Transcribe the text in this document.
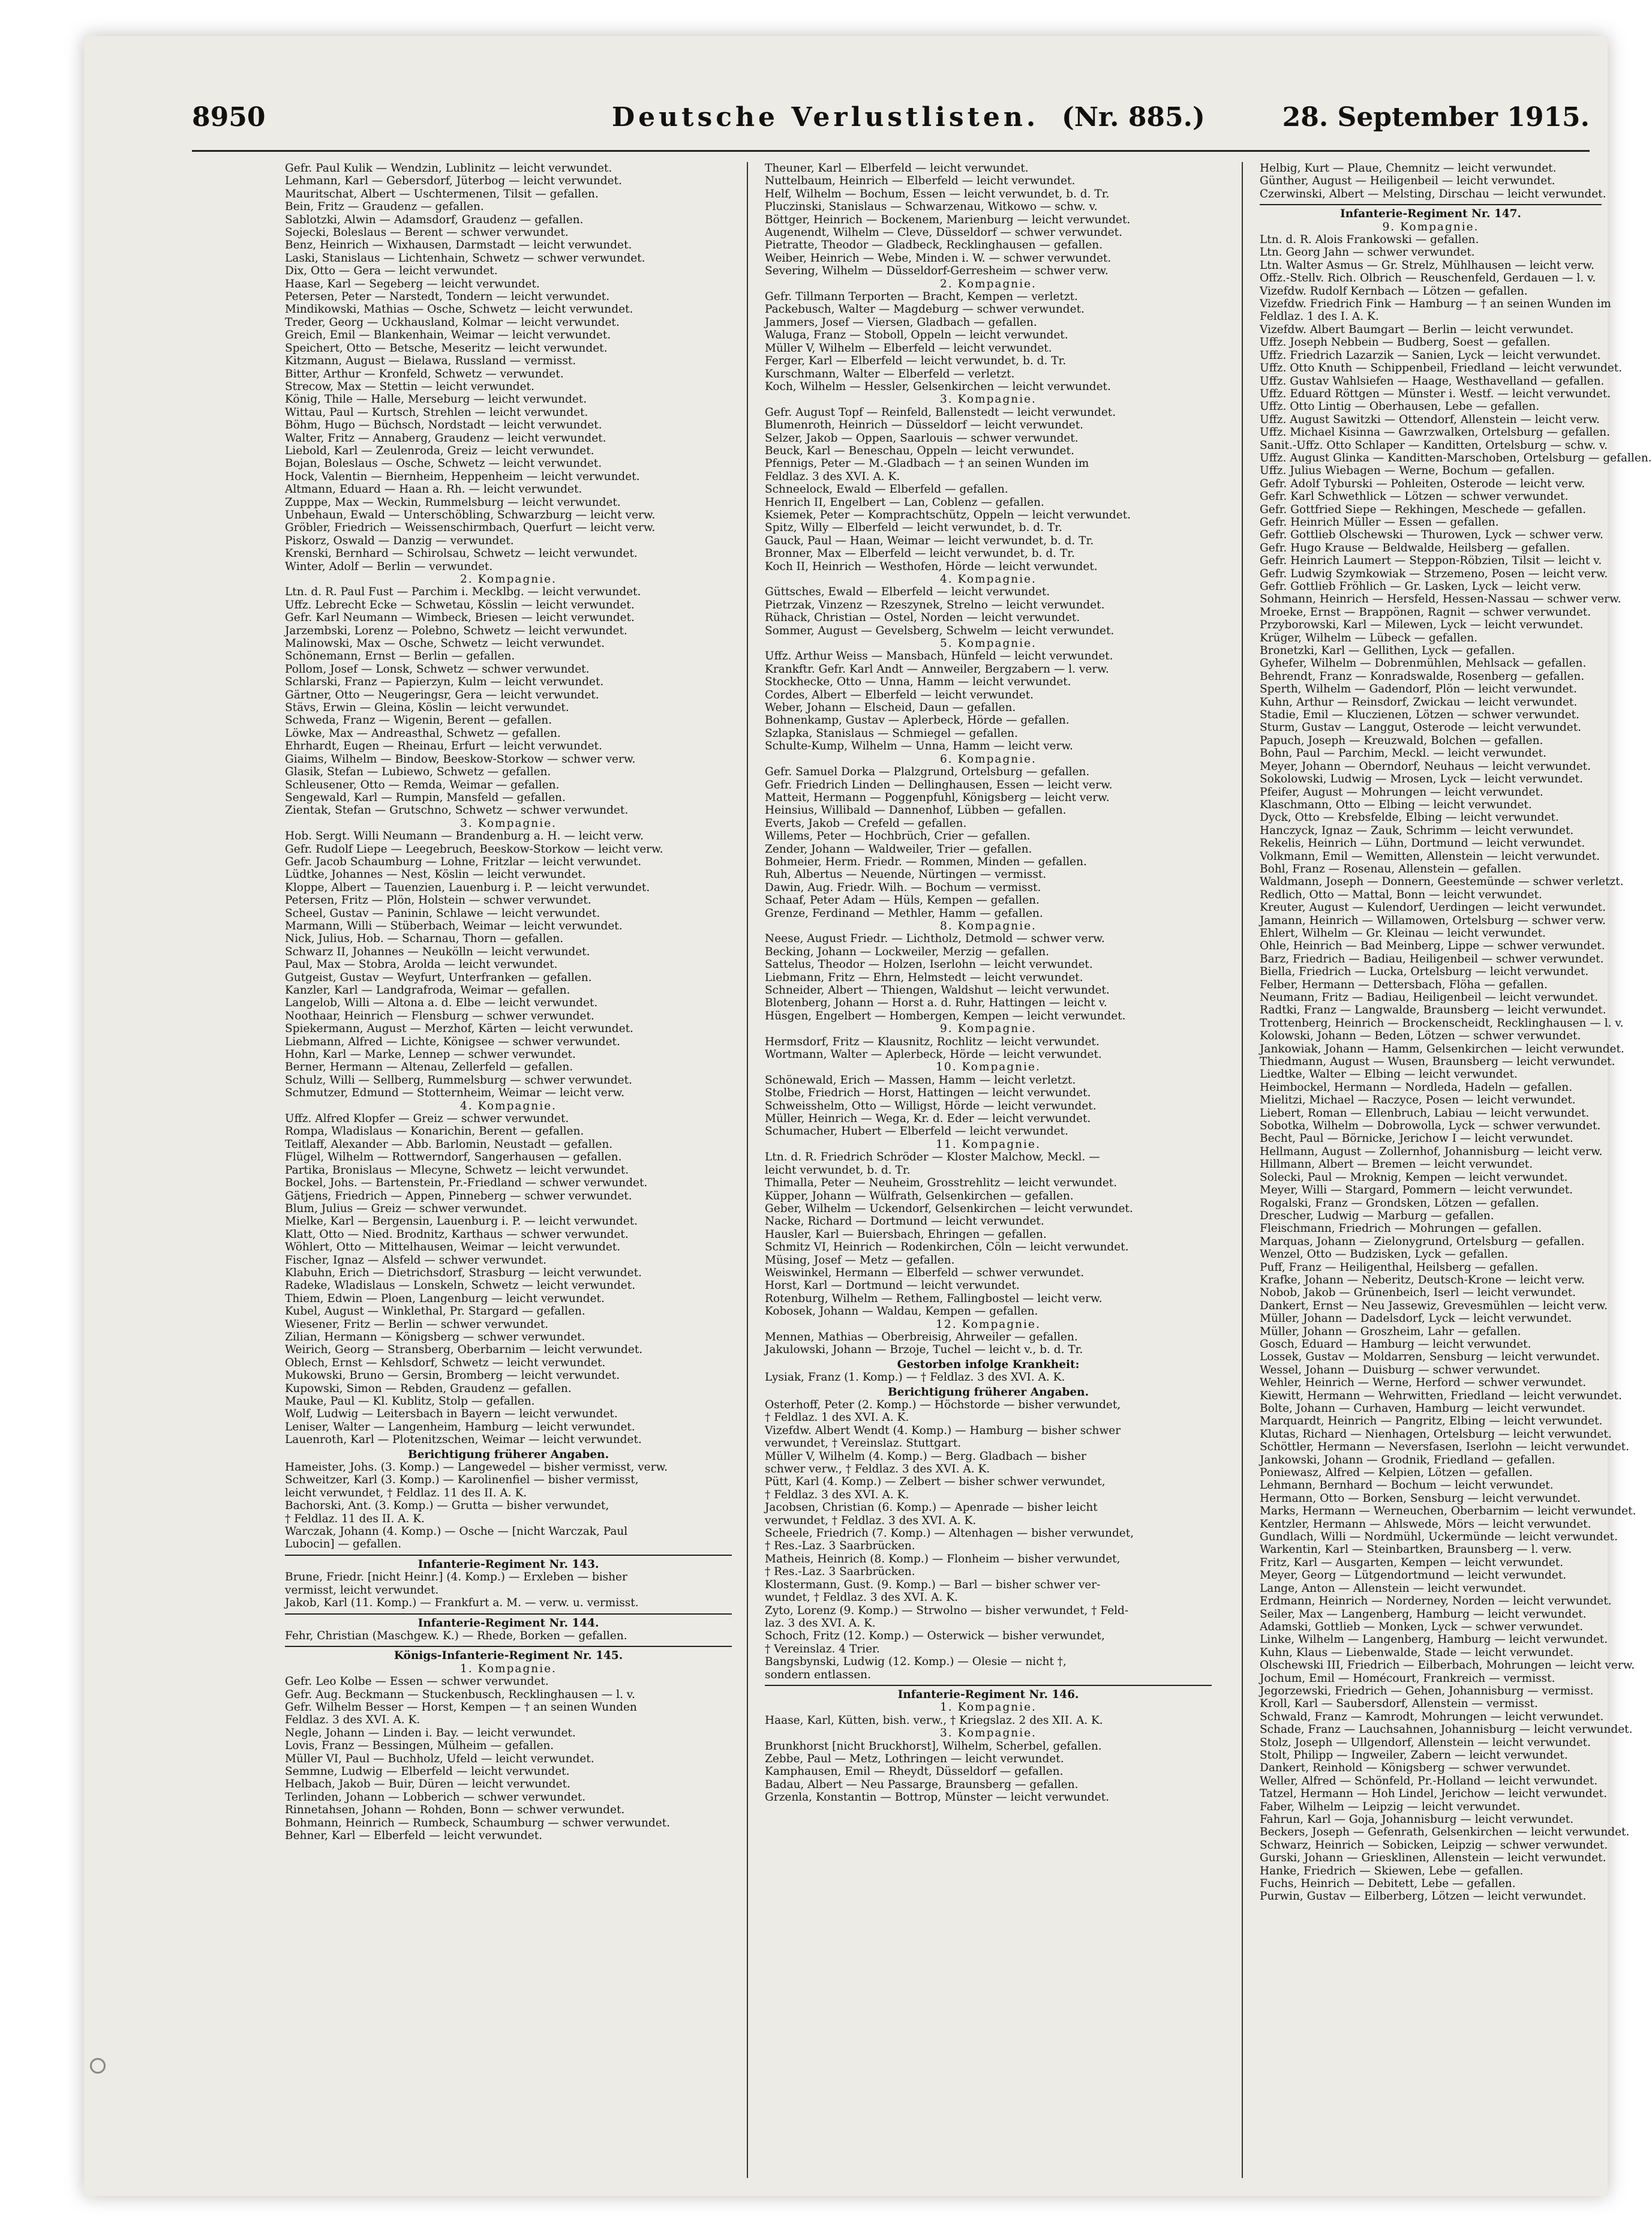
8950	Deutsche Verlustlisten. (Nr. 885.)	28. September 1915.
Gefr. Paul Kulik — Wendzin, Lublinitz — leicht verwundet.
Lehmann, Karl — Gebersdorf, Jüterbog — leicht verwundet.
Mauritschat, Albert — Uschtermenen, Tilsit — gefallen.
Bein, Fritz — Graudenz — gefallen.
Sablotzki, Alwin — Adamsdorf, Graudenz — gefallen.
Sojecki, Boleslaus — Berent — schwer verwundet.
Benz, Heinrich — Wixhausen, Darmstadt — leicht verwundet.
Laski, Stanislaus — Lichtenhain, Schwetz — schwer verwundet.
Dix, Otto — Gera — leicht verwundet.
Haase, Karl — Segeberg — leicht verwundet.
Petersen, Peter — Narstedt, Tondern — leicht verwundet.
Mindikowski, Mathias — Osche, Schwetz — leicht verwundet.
Treder, Georg — Uckhausland, Kolmar — leicht verwundet.
Greich, Emil — Blankenhain, Weimar — leicht verwundet.
Speichert, Otto — Betsche, Meseritz — leicht verwundet.
Kitzmann, August — Bielawa, Russland — vermisst.
Bitter, Arthur — Kronfeld, Schwetz — verwundet.
Strecow, Max — Stettin — leicht verwundet.
König, Thile — Halle, Merseburg — leicht verwundet.
Wittau, Paul — Kurtsch, Strehlen — leicht verwundet.
Böhm, Hugo — Büchsch, Nordstadt — leicht verwundet.
Walter, Fritz — Annaberg, Graudenz — leicht verwundet.
Liebold, Karl — Zeulenroda, Greiz — leicht verwundet.
Bojan, Boleslaus — Osche, Schwetz — leicht verwundet.
Hock, Valentin — Biernheim, Heppenheim — leicht verwundet.
Altmann, Eduard — Haan a. Rh. — leicht verwundet.
Zupppe, Max — Weckin, Rummelsburg — leicht verwundet.
Unbehaun, Ewald — Unterschöbling, Schwarzburg — leicht verw.
Gröbler, Friedrich — Weissenschirmbach, Querfurt — leicht verw.
Piskorz, Oswald — Danzig — verwundet.
Krenski, Bernhard — Schirolsau, Schwetz — leicht verwundet.
Winter, Adolf — Berlin — verwundet.
2. Kompagnie.
Ltn. d. R. Paul Fust — Parchim i. Mecklbg. — leicht verwundet.
Uffz. Lebrecht Ecke — Schwetau, Kösslin — leicht verwundet.
Gefr. Karl Neumann — Wimbeck, Briesen — leicht verwundet.
Jarzembski, Lorenz — Polebno, Schwetz — leicht verwundet.
Malinowski, Max — Osche, Schwetz — leicht verwundet.
Schönemann, Ernst — Berlin — gefallen.
Pollom, Josef — Lonsk, Schwetz — schwer verwundet.
Schlarski, Franz — Papierzyn, Kulm — leicht verwundet.
Gärtner, Otto — Neugeringsr, Gera — leicht verwundet.
Stävs, Erwin — Gleina, Köslin — leicht verwundet.
Schweda, Franz — Wigenin, Berent — gefallen.
Löwke, Max — Andreasthal, Schwetz — gefallen.
Ehrhardt, Eugen — Rheinau, Erfurt — leicht verwundet.
Giaims, Wilhelm — Bindow, Beeskow-Storkow — schwer verw.
Glasik, Stefan — Lubiewo, Schwetz — gefallen.
Schleusener, Otto — Remda, Weimar — gefallen.
Sengewald, Karl — Rumpin, Mansfeld — gefallen.
Zientak, Stefan — Grutschno, Schwetz — schwer verwundet.
3. Kompagnie.
Hob. Sergt. Willi Neumann — Brandenburg a. H. — leicht verw.
Gefr. Rudolf Liepe — Leegebruch, Beeskow-Storkow — leicht verw.
Gefr. Jacob Schaumburg — Lohne, Fritzlar — leicht verwundet.
Lüdtke, Johannes — Nest, Köslin — leicht verwundet.
Kloppe, Albert — Tauenzien, Lauenburg i. P. — leicht verwundet.
Petersen, Fritz — Plön, Holstein — schwer verwundet.
Scheel, Gustav — Paninin, Schlawe — leicht verwundet.
Marmann, Willi — Stüberbach, Weimar — leicht verwundet.
Nick, Julius, Hob. — Scharnau, Thorn — gefallen.
Schwarz II, Johannes — Neukölln — leicht verwundet.
Paul, Max — Stobra, Arolda — leicht verwundet.
Gutgeist, Gustav — Weyfurt, Unterfranken — gefallen.
Kanzler, Karl — Landgrafroda, Weimar — gefallen.
Langelob, Willi — Altona a. d. Elbe — leicht verwundet.
Noothaar, Heinrich — Flensburg — schwer verwundet.
Spiekermann, August — Merzhof, Kärten — leicht verwundet.
Liebmann, Alfred — Lichte, Königsee — schwer verwundet.
Hohn, Karl — Marke, Lennep — schwer verwundet.
Berner, Hermann — Altenau, Zellerfeld — gefallen.
Schulz, Willi — Sellberg, Rummelsburg — schwer verwundet.
Schmutzer, Edmund — Stotternheim, Weimar — leicht verw.
4. Kompagnie.
Uffz. Alfred Klopfer — Greiz — schwer verwundet.
Rompa, Wladislaus — Konarichin, Berent — gefallen.
Teitlaff, Alexander — Abb. Barlomin, Neustadt — gefallen.
Flügel, Wilhelm — Rottwerndorf, Sangerhausen — gefallen.
Partika, Bronislaus — Mlecyne, Schwetz — leicht verwundet.
Bockel, Johs. — Bartenstein, Pr.-Friedland — schwer verwundet.
Gätjens, Friedrich — Appen, Pinneberg — schwer verwundet.
Blum, Julius — Greiz — schwer verwundet.
Mielke, Karl — Bergensin, Lauenburg i. P. — leicht verwundet.
Klatt, Otto — Nied. Brodnitz, Karthaus — schwer verwundet.
Wöhlert, Otto — Mittelhausen, Weimar — leicht verwundet.
Fischer, Ignaz — Alsfeld — schwer verwundet.
Klabuhn, Erich — Dietrichsdorf, Strasburg — leicht verwundet.
Radeke, Wladislaus — Lonskeln, Schwetz — leicht verwundet.
Thiem, Edwin — Ploen, Langenburg — leicht verwundet.
Kubel, August — Winklethal, Pr. Stargard — gefallen.
Wiesener, Fritz — Berlin — schwer verwundet.
Zilian, Hermann — Königsberg — schwer verwundet.
Weirich, Georg — Stransberg, Oberbarnim — leicht verwundet.
Oblech, Ernst — Kehlsdorf, Schwetz — leicht verwundet.
Mukowski, Bruno — Gersin, Bromberg — leicht verwundet.
Kupowski, Simon — Rebden, Graudenz — gefallen.
Mauke, Paul — Kl. Kublitz, Stolp — gefallen.
Wolf, Ludwig — Leitersbach in Bayern — leicht verwundet.
Leniser, Walter — Langenheim, Hamburg — leicht verwundet.
Lauenroth, Karl — Plotenitzschen, Weimar — leicht verwundet.
Berichtigung früherer Angaben.
Hameister, Johs. (3. Komp.) — Langewedel — bisher vermisst, verw.
Schweitzer, Karl (3. Komp.) — Karolinenfiel — bisher vermisst,
leicht verwundet, † Feldlaz. 11 des II. A. K.
Bachorski, Ant. (3. Komp.) — Grutta — bisher verwundet,
† Feldlaz. 11 des II. A. K.
Warczak, Johann (4. Komp.) — Osche — [nicht Warczak, Paul
Lubocin] — gefallen.
Infanterie-Regiment Nr. 143.
Brune, Friedr. [nicht Heinr.] (4. Komp.) — Erxleben — bisher
vermisst, leicht verwundet.
Jakob, Karl (11. Komp.) — Frankfurt a. M. — verw. u. vermisst.
Infanterie-Regiment Nr. 144.
Fehr, Christian (Maschgew. K.) — Rhede, Borken — gefallen.
Königs-Infanterie-Regiment Nr. 145.
1. Kompagnie.
Gefr. Leo Kolbe — Essen — schwer verwundet.
Gefr. Aug. Beckmann — Stuckenbusch, Recklinghausen — l. v.
Gefr. Wilhelm Besser — Horst, Kempen — † an seinen Wunden
Feldlaz. 3 des XVI. A. K.
Negle, Johann — Linden i. Bay. — leicht verwundet.
Lovis, Franz — Bessingen, Mülheim — gefallen.
Müller VI, Paul — Buchholz, Ufeld — leicht verwundet.
Semmne, Ludwig — Elberfeld — leicht verwundet.
Helbach, Jakob — Buir, Düren — leicht verwundet.
Terlinden, Johann — Lobberich — schwer verwundet.
Rinnetahsen, Johann — Rohden, Bonn — schwer verwundet.
Bohmann, Heinrich — Rumbeck, Schaumburg — schwer verwundet.
Behner, Karl — Elberfeld — leicht verwundet.
Theuner, Karl — Elberfeld — leicht verwundet.
Nuttelbaum, Heinrich — Elberfeld — leicht verwundet.
Helf, Wilhelm — Bochum, Essen — leicht verwundet, b. d. Tr.
Pluczinski, Stanislaus — Schwarzenau, Witkowo — schw. v.
Böttger, Heinrich — Bockenem, Marienburg — leicht verwundet.
Augenendt, Wilhelm — Cleve, Düsseldorf — schwer verwundet.
Pietratte, Theodor — Gladbeck, Recklinghausen — gefallen.
Weiber, Heinrich — Webe, Minden i. W. — schwer verwundet.
Severing, Wilhelm — Düsseldorf-Gerresheim — schwer verw.
2. Kompagnie.
Gefr. Tillmann Terporten — Bracht, Kempen — verletzt.
Packebusch, Walter — Magdeburg — schwer verwundet.
Jammers, Josef — Viersen, Gladbach — gefallen.
Waluga, Franz — Stoboll, Oppeln — leicht verwundet.
Müller V, Wilhelm — Elberfeld — leicht verwundet.
Ferger, Karl — Elberfeld — leicht verwundet, b. d. Tr.
Kurschmann, Walter — Elberfeld — verletzt.
Koch, Wilhelm — Hessler, Gelsenkirchen — leicht verwundet.
3. Kompagnie.
Gefr. August Topf — Reinfeld, Ballenstedt — leicht verwundet.
Blumenroth, Heinrich — Düsseldorf — leicht verwundet.
Selzer, Jakob — Oppen, Saarlouis — schwer verwundet.
Beuck, Karl — Beneschau, Oppeln — leicht verwundet.
Pfennigs, Peter — M.-Gladbach — † an seinen Wunden im
Feldlaz. 3 des XVI. A. K.
Schneelock, Ewald — Elberfeld — gefallen.
Henrich II, Engelbert — Lan, Coblenz — gefallen.
Ksiemek, Peter — Komprachtschütz, Oppeln — leicht verwundet.
Spitz, Willy — Elberfeld — leicht verwundet, b. d. Tr.
Gauck, Paul — Haan, Weimar — leicht verwundet, b. d. Tr.
Bronner, Max — Elberfeld — leicht verwundet, b. d. Tr.
Koch II, Heinrich — Westhofen, Hörde — leicht verwundet.
4. Kompagnie.
Güttsches, Ewald — Elberfeld — leicht verwundet.
Pietrzak, Vinzenz — Rzeszynek, Strelno — leicht verwundet.
Rühack, Christian — Ostel, Norden — leicht verwundet.
Sommer, August — Gevelsberg, Schwelm — leicht verwundet.
5. Kompagnie.
Uffz. Arthur Weiss — Mansbach, Hünfeld — leicht verwundet.
Krankftr. Gefr. Karl Andt — Annweiler, Bergzabern — l. verw.
Stockhecke, Otto — Unna, Hamm — leicht verwundet.
Cordes, Albert — Elberfeld — leicht verwundet.
Weber, Johann — Elscheid, Daun — gefallen.
Bohnenkamp, Gustav — Aplerbeck, Hörde — gefallen.
Szlapka, Stanislaus — Schmiegel — gefallen.
Schulte-Kump, Wilhelm — Unna, Hamm — leicht verw.
6. Kompagnie.
Gefr. Samuel Dorka — Plalzgrund, Ortelsburg — gefallen.
Gefr. Friedrich Linden — Dellinghausen, Essen — leicht verw.
Matteit, Hermann — Poggenpfuhl, Königsberg — leicht verw.
Heinsius, Willibald — Dannenhof, Lübben — gefallen.
Everts, Jakob — Crefeld — gefallen.
Willems, Peter — Hochbrüch, Crier — gefallen.
Zender, Johann — Waldweiler, Trier — gefallen.
Bohmeier, Herm. Friedr. — Rommen, Minden — gefallen.
Ruh, Albertus — Neuende, Nürtingen — vermisst.
Dawin, Aug. Friedr. Wilh. — Bochum — vermisst.
Schaaf, Peter Adam — Hüls, Kempen — gefallen.
Grenze, Ferdinand — Methler, Hamm — gefallen.
8. Kompagnie.
Neese, August Friedr. — Lichtholz, Detmold — schwer verw.
Becking, Johann — Lockweiler, Merzig — gefallen.
Sattelus, Theodor — Holzen, Iserlohn — leicht verwundet.
Liebmann, Fritz — Ehrn, Helmstedt — leicht verwundet.
Schneider, Albert — Thiengen, Waldshut — leicht verwundet.
Blotenberg, Johann — Horst a. d. Ruhr, Hattingen — leicht v.
Hüsgen, Engelbert — Hombergen, Kempen — leicht verwundet.
9. Kompagnie.
Hermsdorf, Fritz — Klausnitz, Rochlitz — leicht verwundet.
Wortmann, Walter — Aplerbeck, Hörde — leicht verwundet.
10. Kompagnie.
Schönewald, Erich — Massen, Hamm — leicht verletzt.
Stolbe, Friedrich — Horst, Hattingen — leicht verwundet.
Schweisshelm, Otto — Willigst, Hörde — leicht verwundet.
Müller, Heinrich — Wega, Kr. d. Eder — leicht verwundet.
Schumacher, Hubert — Elberfeld — leicht verwundet.
11. Kompagnie.
Ltn. d. R. Friedrich Schröder — Kloster Malchow, Meckl. —
leicht verwundet, b. d. Tr.
Thimalla, Peter — Neuheim, Grosstrehlitz — leicht verwundet.
Küpper, Johann — Wülfrath, Gelsenkirchen — gefallen.
Geber, Wilhelm — Uckendorf, Gelsenkirchen — leicht verwundet.
Nacke, Richard — Dortmund — leicht verwundet.
Hausler, Karl — Buiersbach, Ehringen — gefallen.
Schmitz VI, Heinrich — Rodenkirchen, Cöln — leicht verwundet.
Müsing, Josef — Metz — gefallen.
Weiswinkel, Hermann — Elberfeld — schwer verwundet.
Horst, Karl — Dortmund — leicht verwundet.
Rotenburg, Wilhelm — Rethem, Fallingbostel — leicht verw.
Kobosek, Johann — Waldau, Kempen — gefallen.
12. Kompagnie.
Mennen, Mathias — Oberbreisig, Ahrweiler — gefallen.
Jakulowski, Johann — Brzoje, Tuchel — leicht v., b. d. Tr.
Gestorben infolge Krankheit:
Lysiak, Franz (1. Komp.) — † Feldlaz. 3 des XVI. A. K.
Berichtigung früherer Angaben.
Osterhoff, Peter (2. Komp.) — Höchstorde — bisher verwundet,
† Feldlaz. 1 des XVI. A. K.
Vizefdw. Albert Wendt (4. Komp.) — Hamburg — bisher schwer
verwundet, † Vereinslaz. Stuttgart.
Müller V, Wilhelm (4. Komp.) — Berg. Gladbach — bisher
schwer verw., † Feldlaz. 3 des XVI. A. K.
Pütt, Karl (4. Komp.) — Zelbert — bisher schwer verwundet,
† Feldlaz. 3 des XVI. A. K.
Jacobsen, Christian (6. Komp.) — Apenrade — bisher leicht
verwundet, † Feldlaz. 3 des XVI. A. K.
Scheele, Friedrich (7. Komp.) — Altenhagen — bisher verwundet,
† Res.-Laz. 3 Saarbrücken.
Matheis, Heinrich (8. Komp.) — Flonheim — bisher verwundet,
† Res.-Laz. 3 Saarbrücken.
Klostermann, Gust. (9. Komp.) — Barl — bisher schwer ver-
wundet, † Feldlaz. 3 des XVI. A. K.
Zyto, Lorenz (9. Komp.) — Strwolno — bisher verwundet, † Feld-
laz. 3 des XVI. A. K.
Schoch, Fritz (12. Komp.) — Osterwick — bisher verwundet,
† Vereinslaz. 4 Trier.
Bangsbynski, Ludwig (12. Komp.) — Olesie — nicht †,
sondern entlassen.
Infanterie-Regiment Nr. 146.
1. Kompagnie.
Haase, Karl, Kütten, bish. verw., † Kriegslaz. 2 des XII. A. K.
3. Kompagnie.
Brunkhorst [nicht Bruckhorst], Wilhelm, Scherbel, gefallen.
Zebbe, Paul — Metz, Lothringen — leicht verwundet.
Kamphausen, Emil — Rheydt, Düsseldorf — gefallen.
Badau, Albert — Neu Passarge, Braunsberg — gefallen.
Grzenla, Konstantin — Bottrop, Münster — leicht verwundet.
Helbig, Kurt — Plaue, Chemnitz — leicht verwundet.
Günther, August — Heiligenbeil — leicht verwundet.
Czerwinski, Albert — Melsting, Dirschau — leicht verwundet.
Infanterie-Regiment Nr. 147.
9. Kompagnie.
Ltn. d. R. Alois Frankowski — gefallen.
Ltn. Georg Jahn — schwer verwundet.
Ltn. Walter Asmus — Gr. Strelz, Mühlhausen — leicht verw.
Offz.-Stellv. Rich. Olbrich — Reuschenfeld, Gerdauen — l. v.
Vizefdw. Rudolf Kernbach — Lötzen — gefallen.
Vizefdw. Friedrich Fink — Hamburg — † an seinen Wunden im
Feldlaz. 1 des I. A. K.
Vizefdw. Albert Baumgart — Berlin — leicht verwundet.
Uffz. Joseph Nebbein — Budberg, Soest — gefallen.
Uffz. Friedrich Lazarzik — Sanien, Lyck — leicht verwundet.
Uffz. Otto Knuth — Schippenbeil, Friedland — leicht verwundet.
Uffz. Gustav Wahlsiefen — Haage, Westhavelland — gefallen.
Uffz. Eduard Röttgen — Münster i. Westf. — leicht verwundet.
Uffz. Otto Lintig — Oberhausen, Lebe — gefallen.
Uffz. August Sawitzki — Ottendorf, Allenstein — leicht verw.
Uffz. Michael Kisinna — Gawrzwalken, Ortelsburg — gefallen.
Sanit.-Uffz. Otto Schlaper — Kanditten, Ortelsburg — schw. v.
Uffz. August Glinka — Kanditten-Marschoben, Ortelsburg — gefallen.
Uffz. Julius Wiebagen — Werne, Bochum — gefallen.
Gefr. Adolf Tyburski — Pohleiten, Osterode — leicht verw.
Gefr. Karl Schwethlick — Lötzen — schwer verwundet.
Gefr. Gottfried Siepe — Rekhingen, Meschede — gefallen.
Gefr. Heinrich Müller — Essen — gefallen.
Gefr. Gottlieb Olschewski — Thurowen, Lyck — schwer verw.
Gefr. Hugo Krause — Beldwalde, Heilsberg — gefallen.
Gefr. Heinrich Laumert — Steppon-Röbzien, Tilsit — leicht v.
Gefr. Ludwig Szymkowiak — Strzemeno, Posen — leicht verw.
Gefr. Gottlieb Fröhlich — Gr. Lasken, Lyck — leicht verw.
Sohmann, Heinrich — Hersfeld, Hessen-Nassau — schwer verw.
Mroeke, Ernst — Brappönen, Ragnit — schwer verwundet.
Przyborowski, Karl — Milewen, Lyck — leicht verwundet.
Krüger, Wilhelm — Lübeck — gefallen.
Bronetzki, Karl — Gellithen, Lyck — gefallen.
Gyhefer, Wilhelm — Dobrenmühlen, Mehlsack — gefallen.
Behrendt, Franz — Konradswalde, Rosenberg — gefallen.
Sperth, Wilhelm — Gadendorf, Plön — leicht verwundet.
Kuhn, Arthur — Reinsdorf, Zwickau — leicht verwundet.
Stadie, Emil — Kluczienen, Lötzen — schwer verwundet.
Sturm, Gustav — Langgut, Osterode — leicht verwundet.
Papuch, Joseph — Kreuzwald, Bolchen — gefallen.
Bohn, Paul — Parchim, Meckl. — leicht verwundet.
Meyer, Johann — Oberndorf, Neuhaus — leicht verwundet.
Sokolowski, Ludwig — Mrosen, Lyck — leicht verwundet.
Pfeifer, August — Mohrungen — leicht verwundet.
Klaschmann, Otto — Elbing — leicht verwundet.
Dyck, Otto — Krebsfelde, Elbing — leicht verwundet.
Hanczyck, Ignaz — Zauk, Schrimm — leicht verwundet.
Rekelis, Heinrich — Lühn, Dortmund — leicht verwundet.
Volkmann, Emil — Wemitten, Allenstein — leicht verwundet.
Bohl, Franz — Rosenau, Allenstein — gefallen.
Waldmann, Joseph — Donnern, Geestemünde — schwer verletzt.
Redlich, Otto — Mattal, Bonn — leicht verwundet.
Kreuter, August — Kulendorf, Uerdingen — leicht verwundet.
Jamann, Heinrich — Willamowen, Ortelsburg — schwer verw.
Ehlert, Wilhelm — Gr. Kleinau — leicht verwundet.
Ohle, Heinrich — Bad Meinberg, Lippe — schwer verwundet.
Barz, Friedrich — Badiau, Heiligenbeil — schwer verwundet.
Biella, Friedrich — Lucka, Ortelsburg — leicht verwundet.
Felber, Hermann — Dettersbach, Flöha — gefallen.
Neumann, Fritz — Badiau, Heiligenbeil — leicht verwundet.
Radtki, Franz — Langwalde, Braunsberg — leicht verwundet.
Trottenberg, Heinrich — Brockenscheidt, Recklinghausen — l. v.
Kolowski, Johann — Beden, Lötzen — schwer verwundet.
Jankowiak, Johann — Hamm, Gelsenkirchen — leicht verwundet.
Thiedmann, August — Wusen, Braunsberg — leicht verwundet.
Liedtke, Walter — Elbing — leicht verwundet.
Heimbockel, Hermann — Nordleda, Hadeln — gefallen.
Mielitzi, Michael — Raczyce, Posen — leicht verwundet.
Liebert, Roman — Ellenbruch, Labiau — leicht verwundet.
Sobotka, Wilhelm — Dobrowolla, Lyck — schwer verwundet.
Becht, Paul — Börnicke, Jerichow I — leicht verwundet.
Hellmann, August — Zollernhof, Johannisburg — leicht verw.
Hillmann, Albert — Bremen — leicht verwundet.
Solecki, Paul — Mroknig, Kempen — leicht verwundet.
Meyer, Willi — Stargard, Pommern — leicht verwundet.
Rogalski, Franz — Grondsken, Lötzen — gefallen.
Drescher, Ludwig — Marburg — gefallen.
Fleischmann, Friedrich — Mohrungen — gefallen.
Marquas, Johann — Zielonygrund, Ortelsburg — gefallen.
Wenzel, Otto — Budzisken, Lyck — gefallen.
Puff, Franz — Heiligenthal, Heilsberg — gefallen.
Krafke, Johann — Neberitz, Deutsch-Krone — leicht verw.
Nobob, Jakob — Grünenbeich, Iserl — leicht verwundet.
Dankert, Ernst — Neu Jassewiz, Grevesmühlen — leicht verw.
Müller, Johann — Dadelsdorf, Lyck — leicht verwundet.
Müller, Johann — Groszheim, Lahr — gefallen.
Gosch, Eduard — Hamburg — leicht verwundet.
Lossek, Gustav — Moldarren, Sensburg — leicht verwundet.
Wessel, Johann — Duisburg — schwer verwundet.
Wehler, Heinrich — Werne, Herford — schwer verwundet.
Kiewitt, Hermann — Wehrwitten, Friedland — leicht verwundet.
Bolte, Johann — Curhaven, Hamburg — leicht verwundet.
Marquardt, Heinrich — Pangritz, Elbing — leicht verwundet.
Klutas, Richard — Nienhagen, Ortelsburg — leicht verwundet.
Schöttler, Hermann — Neversfasen, Iserlohn — leicht verwundet.
Jankowski, Johann — Grodnik, Friedland — gefallen.
Poniewasz, Alfred — Kelpien, Lötzen — gefallen.
Lehmann, Bernhard — Bochum — leicht verwundet.
Hermann, Otto — Borken, Sensburg — leicht verwundet.
Marks, Hermann — Werneuchen, Oberbarnim — leicht verwundet.
Kentzler, Hermann — Ahlswede, Mörs — leicht verwundet.
Gundlach, Willi — Nordmühl, Uckermünde — leicht verwundet.
Warkentin, Karl — Steinbartken, Braunsberg — l. verw.
Fritz, Karl — Ausgarten, Kempen — leicht verwundet.
Meyer, Georg — Lütgendortmund — leicht verwundet.
Lange, Anton — Allenstein — leicht verwundet.
Erdmann, Heinrich — Norderney, Norden — leicht verwundet.
Seiler, Max — Langenberg, Hamburg — leicht verwundet.
Adamski, Gottlieb — Monken, Lyck — schwer verwundet.
Linke, Wilhelm — Langenberg, Hamburg — leicht verwundet.
Kuhn, Klaus — Liebenwalde, Stade — leicht verwundet.
Olschewski III, Friedrich — Eilberbach, Mohrungen — leicht verw.
Jochum, Emil — Homécourt, Frankreich — vermisst.
Jegorzewski, Friedrich — Gehen, Johannisburg — vermisst.
Kroll, Karl — Saubersdorf, Allenstein — vermisst.
Schwald, Franz — Kamrodt, Mohrungen — leicht verwundet.
Schade, Franz — Lauchsahnen, Johannisburg — leicht verwundet.
Stolz, Joseph — Ullgendorf, Allenstein — leicht verwundet.
Stolt, Philipp — Ingweiler, Zabern — leicht verwundet.
Dankert, Reinhold — Königsberg — schwer verwundet.
Weller, Alfred — Schönfeld, Pr.-Holland — leicht verwundet.
Tatzel, Hermann — Hoh Lindel, Jerichow — leicht verwundet.
Faber, Wilhelm — Leipzig — leicht verwundet.
Fahrun, Karl — Goja, Johannisburg — leicht verwundet.
Beckers, Joseph — Gefenrath, Gelsenkirchen — leicht verwundet.
Schwarz, Heinrich — Sobicken, Leipzig — schwer verwundet.
Gurski, Johann — Griesklinen, Allenstein — leicht verwundet.
Hanke, Friedrich — Skiewen, Lebe — gefallen.
Fuchs, Heinrich — Debitett, Lebe — gefallen.
Purwin, Gustav — Eilberberg, Lötzen — leicht verwundet.
